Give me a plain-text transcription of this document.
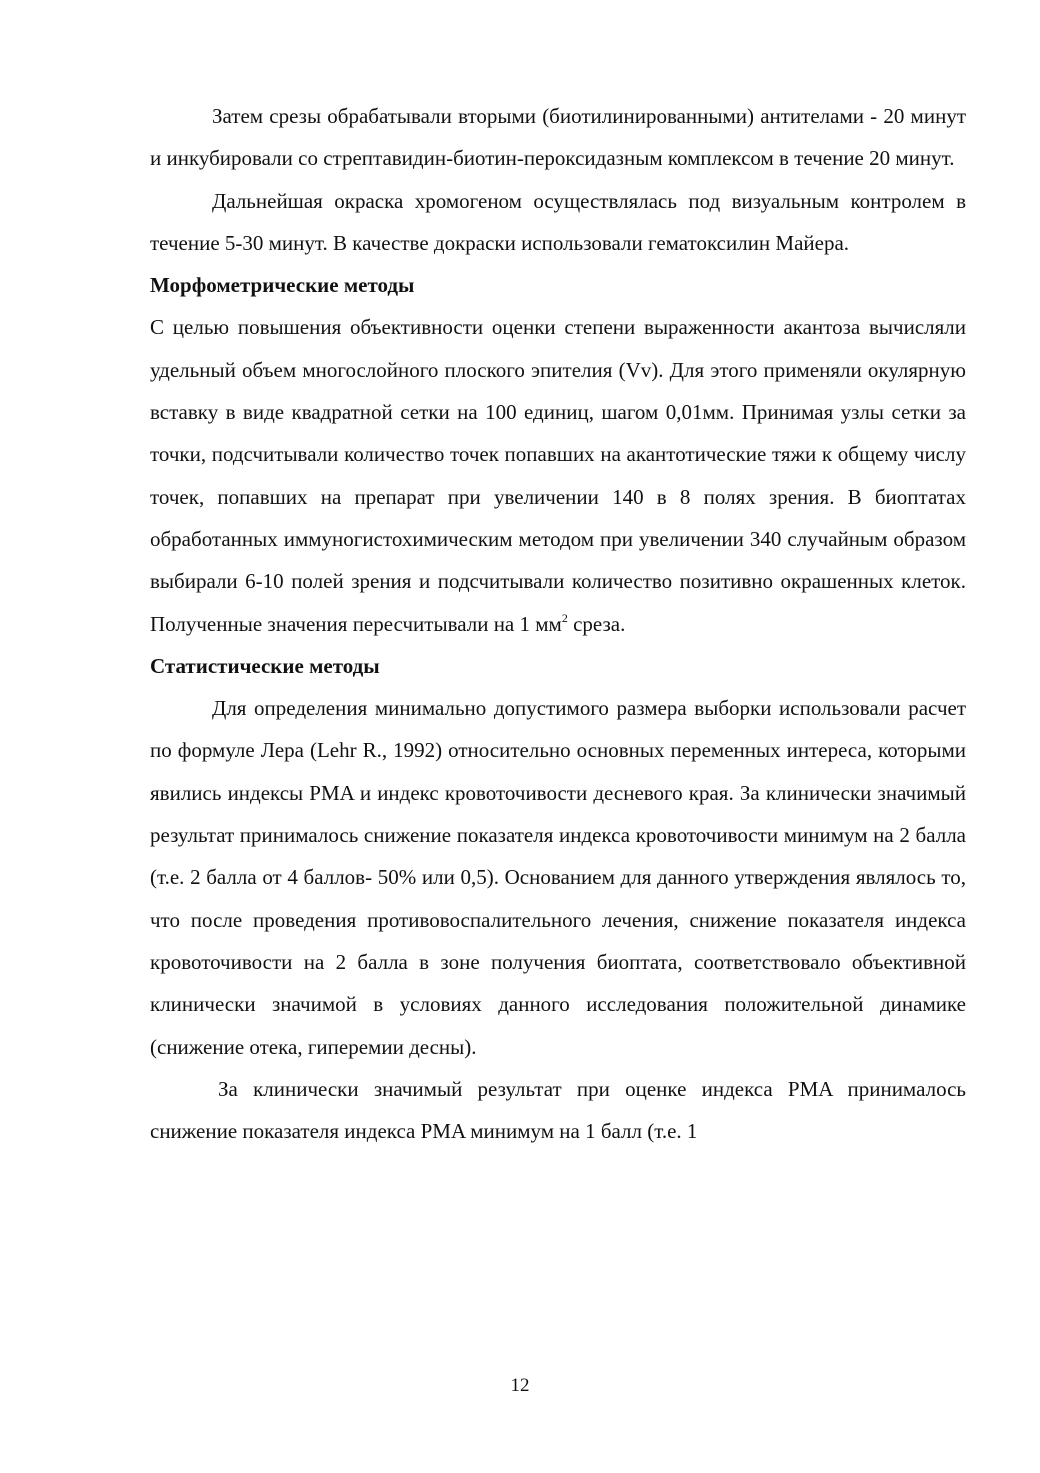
Затем срезы обрабатывали вторыми (биотилинированными) антителами - 20 минут и инкубировали со стрептавидин-биотин-пероксидазным комплексом в течение 20 минут.

Дальнейшая окраска хромогеном осуществлялась под визуальным контролем в течение 5-30 минут. В качестве докраски использовали гематоксилин Майера.

Морфометрические методы

С целью повышения объективности оценки степени выраженности акантоза вычисляли удельный объем многослойного плоского эпителия (Vv). Для этого применяли окулярную вставку в виде квадратной сетки на 100 единиц, шагом 0,01мм. Принимая узлы сетки за точки, подсчитывали количество точек попавших на акантотические тяжи к общему числу точек, попавших на препарат при увеличении 140 в 8 полях зрения. В биоптатах обработанных иммуногистохимическим методом при увеличении 340 случайным образом выбирали 6-10 полей зрения и подсчитывали количество позитивно окрашенных клеток. Полученные значения пересчитывали на 1 $мм^2$ среза.

Статистические методы

Для определения минимально допустимого размера выборки использовали расчет по формуле Лера (Lehr R., 1992) относительно основных переменных интереса, которыми явились индексы PMA и индекс кровоточивости десневого края. За клинически значимый результат принималось снижение показателя индекса кровоточивости минимум на 2 балла (т.е. 2 балла от 4 баллов- 50% или 0,5). Основанием для данного утверждения являлось то, что после проведения противовоспалительного лечения, снижение показателя индекса кровоточивости на 2 балла в зоне получения биоптата, соответствовало объективной клинически значимой в условиях данного исследования положительной динамике (снижение отека, гиперемии десны).

За клинически значимый результат при оценке индекса PMA принималось снижение показателя индекса PMA минимум на 1 балл (т.е. 1

12
